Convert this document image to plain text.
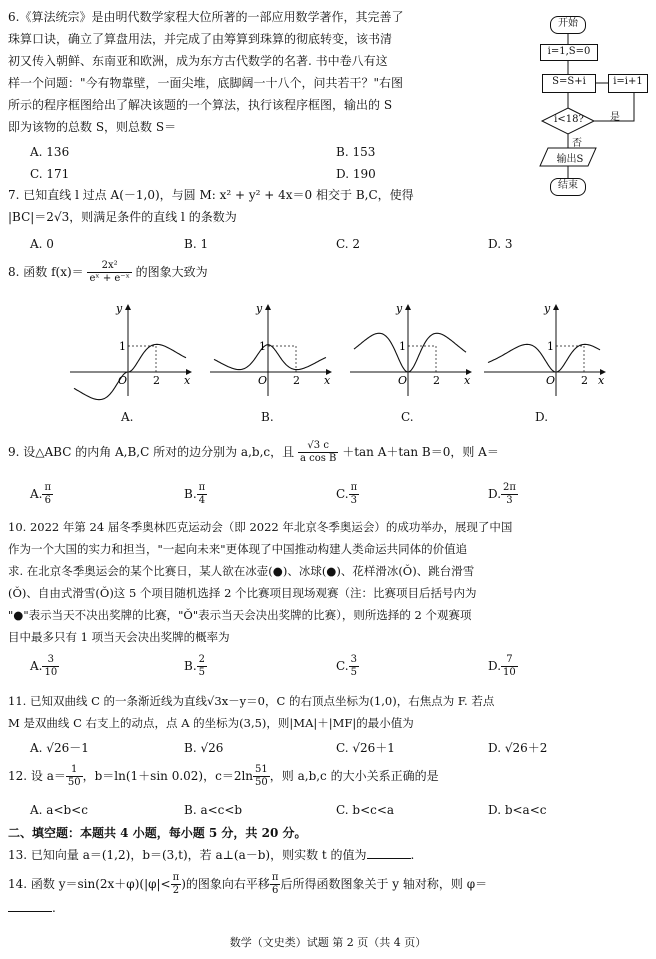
6.《算法统宗》是由明代数学家程大位所著的一部应用数学著作，其完善了

珠算口诀，确立了算盘用法，并完成了由筹算到珠算的彻底转变，该书清

初又传入朝鲜、东南亚和欧洲，成为东方古代数学的名著. 书中卷八有这

样一个问题："今有物靠壁，一面尖堆，底脚阔一十八个，问共若干？"右图

所示的程序框图给出了解决该题的一个算法，执行该程序框图，输出的 S

即为该物的总数 S，则总数 S＝

A. 136	B. 153
C. 171	D. 190
开始
i=1,S=0
S=S+i	i=i+1
i<18?	是
否
输出S
结束

7. 已知直线 l 过点 A(－1,0)，与圆 M: x² + y² + 4x＝0 相交于 B,C，使得

|BC|＝2√3，则满足条件的直线 l 的条数为

A. 0	B. 1	C. 2	D. 3

8. 函数 $f(x)= \frac{\text{2x²}}{\text{eˣ + e⁻ˣ}}$ 的图象大致为

y
x
O
1
2
A.
y
x
O
1
2
B.
y
x
O
1
2
C.
y
x
O
1
2
D.

9. 设△ABC 的内角 A,B,C 所对的边分别为 a,b,c，且 $\frac{√3 c}{\text{a cos B}} +\tan$ A＋tan B＝0，则 A＝

A. $\frac{\pi}{6}$	B. $\frac{\pi}{4}$	C. $\frac{\pi}{3}$	D. $\frac{2\pi}{3}$

10. 2022 年第 24 届冬季奥林匹克运动会（即 2022 年北京冬季奥运会）的成功举办，展现了中国

作为一个大国的实力和担当，"一起向未来"更体现了中国推动构建人类命运共同体的价值追

求. 在北京冬季奥运会的某个比赛日，某人欲在冰壶(●)、冰球(●)、花样滑冰(Ǒ)、跳台滑雪

(Ǒ)、自由式滑雪(Ǒ)这 5 个项目随机选择 2 个比赛项目现场观赛（注：比赛项目后括号内为

"●"表示当天不决出奖牌的比赛，"Ǒ"表示当天会决出奖牌的比赛），则所选择的 2 个观赛项

目中最多只有 1 项当天会决出奖牌的概率为

A. $\frac{3}{10}$	B. $\frac{2}{5}$	C. $\frac{3}{5}$	D. $\frac{7}{10}$

11. 已知双曲线 C 的一条渐近线为直线√3x－y＝0，C 的右顶点坐标为(1,0)，右焦点为 F. 若点

M 是双曲线 C 右支上的动点，点 A 的坐标为(3,5)，则|MA|＋|MF|的最小值为

A. √26－1	B. √26	C. √26＋1	D. √26＋2

12. 设 $a= \frac{1}{50}$ ，b＝ln(1＋sin 0.02)，$c=2\ln \frac{51}{50}$ ，则 a,b,c 的大小关系正确的是

A. a<b<c	B. a<c<b	C. b<c<a	D. b<a<c
二、填空题：本题共 4 小题，每小题 5 分，共 20 分。

13. 已知向量 a＝(1,2)，b＝(3,t)，若 a⊥(a－b)，则实数 t 的值为	.

14. 函数 $y=\sin(2x+\varphi)(|\varphi|< \frac{\pi}{2}$ )的图象向右平移 $\frac{\pi}{6}$ 后所得函数图象关于 y 轴对称，则 φ＝

.

数学（文史类）试题 第 2 页（共 4 页）
